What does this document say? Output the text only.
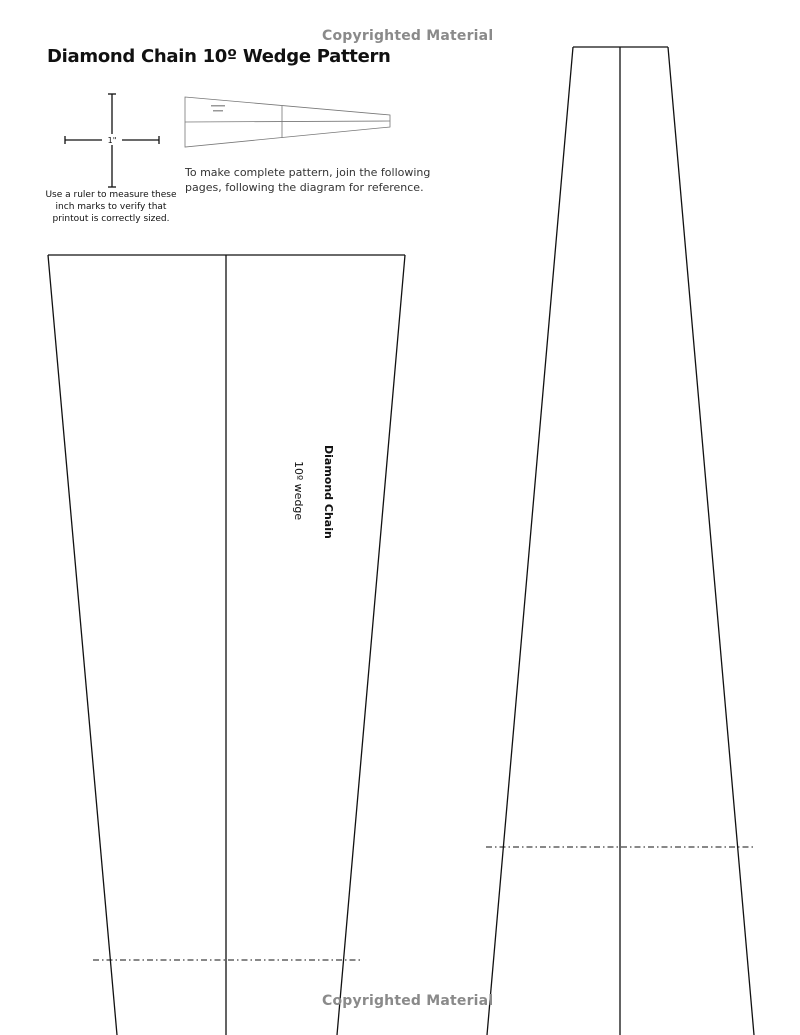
Copyrighted Material
Diamond Chain 10º Wedge Pattern
1"
Use a ruler to measure these inch marks to verify that printout is correctly sized.
To make complete pattern, join the following pages, following the diagram for reference.
Diamond Chain
10º wedge
Copyrighted Material
